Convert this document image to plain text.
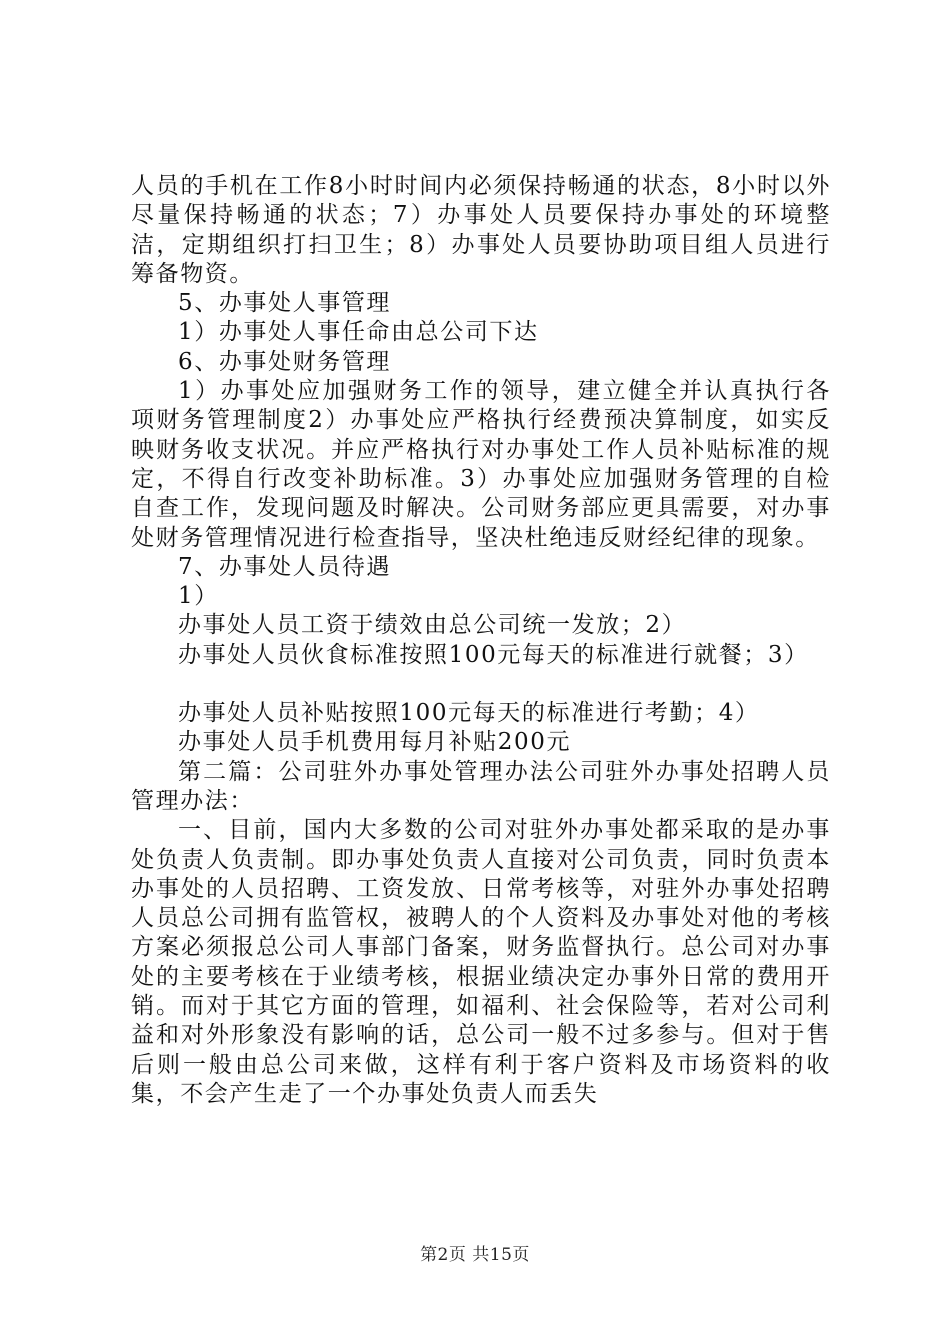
人员的手机在工作8小时时间内必须保持畅通的状态，8小时以外尽量保持畅通的状态；7）办事处人员要保持办事处的环境整洁，定期组织打扫卫生；8）办事处人员要协助项目组人员进行筹备物资。

5、办事处人事管理

1）办事处人事任命由总公司下达

6、办事处财务管理

1）办事处应加强财务工作的领导，建立健全并认真执行各项财务管理制度2）办事处应严格执行经费预决算制度，如实反映财务收支状况。并应严格执行对办事处工作人员补贴标准的规定，不得自行改变补助标准。3）办事处应加强财务管理的自检自查工作，发现问题及时解决。公司财务部应更具需要，对办事处财务管理情况进行检查指导，坚决杜绝违反财经纪律的现象。

7、办事处人员待遇

1）

办事处人员工资于绩效由总公司统一发放；2）

办事处人员伙食标准按照100元每天的标准进行就餐；3）

办事处人员补贴按照100元每天的标准进行考勤；4）

办事处人员手机费用每月补贴200元

第二篇：公司驻外办事处管理办法公司驻外办事处招聘人员管理办法：

一、目前，国内大多数的公司对驻外办事处都采取的是办事处负责人负责制。即办事处负责人直接对公司负责，同时负责本办事处的人员招聘、工资发放、日常考核等，对驻外办事处招聘人员总公司拥有监管权，被聘人的个人资料及办事处对他的考核方案必须报总公司人事部门备案，财务监督执行。总公司对办事处的主要考核在于业绩考核，根据业绩决定办事外日常的费用开销。而对于其它方面的管理，如福利、社会保险等，若对公司利益和对外形象没有影响的话，总公司一般不过多参与。但对于售后则一般由总公司来做，这样有利于客户资料及市场资料的收集，不会产生走了一个办事处负责人而丢失

第2页 共15页
